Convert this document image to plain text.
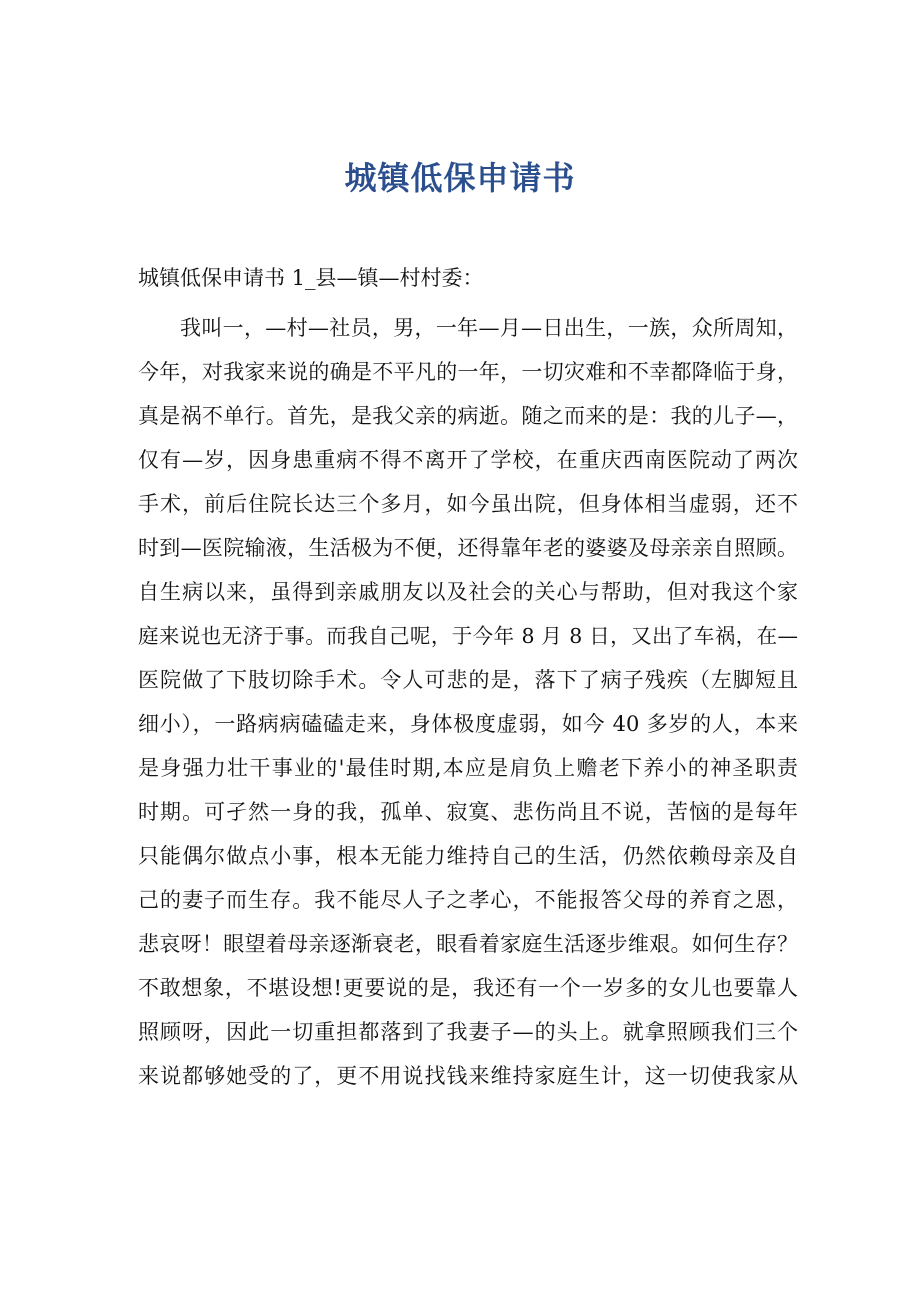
城镇低保申请书
城镇低保申请书 1_县—镇—村村委：
我叫一，—村—社员，男，一年—月—日出生，一族，众所周知，
今年，对我家来说的确是不平凡的一年，一切灾难和不幸都降临于身，
真是祸不单行。首先，是我父亲的病逝。随之而来的是：我的儿子—，
仅有—岁，因身患重病不得不离开了学校，在重庆西南医院动了两次
手术，前后住院长达三个多月，如今虽出院，但身体相当虚弱，还不
时到—医院输液，生活极为不便，还得靠年老的婆婆及母亲亲自照顾。
自生病以来，虽得到亲戚朋友以及社会的关心与帮助，但对我这个家
庭来说也无济于事。而我自己呢，于今年 8 月 8 日，又出了车祸，在—
医院做了下肢切除手术。令人可悲的是，落下了病子残疾（左脚短且
细小），一路病病磕磕走来，身体极度虚弱，如今 40 多岁的人，本来
是身强力壮干事业的'最佳时期,本应是肩负上赡老下养小的神圣职责
时期。可孑然一身的我，孤单、寂寞、悲伤尚且不说，苦恼的是每年
只能偶尔做点小事，根本无能力维持自己的生活，仍然依赖母亲及自
己的妻子而生存。我不能尽人子之孝心，不能报答父母的养育之恩，
悲哀呀！眼望着母亲逐渐衰老，眼看着家庭生活逐步维艰。如何生存？
不敢想象，不堪设想!更要说的是，我还有一个一岁多的女儿也要靠人
照顾呀，因此一切重担都落到了我妻子—的头上。就拿照顾我们三个
来说都够她受的了，更不用说找钱来维持家庭生计，这一切使我家从
